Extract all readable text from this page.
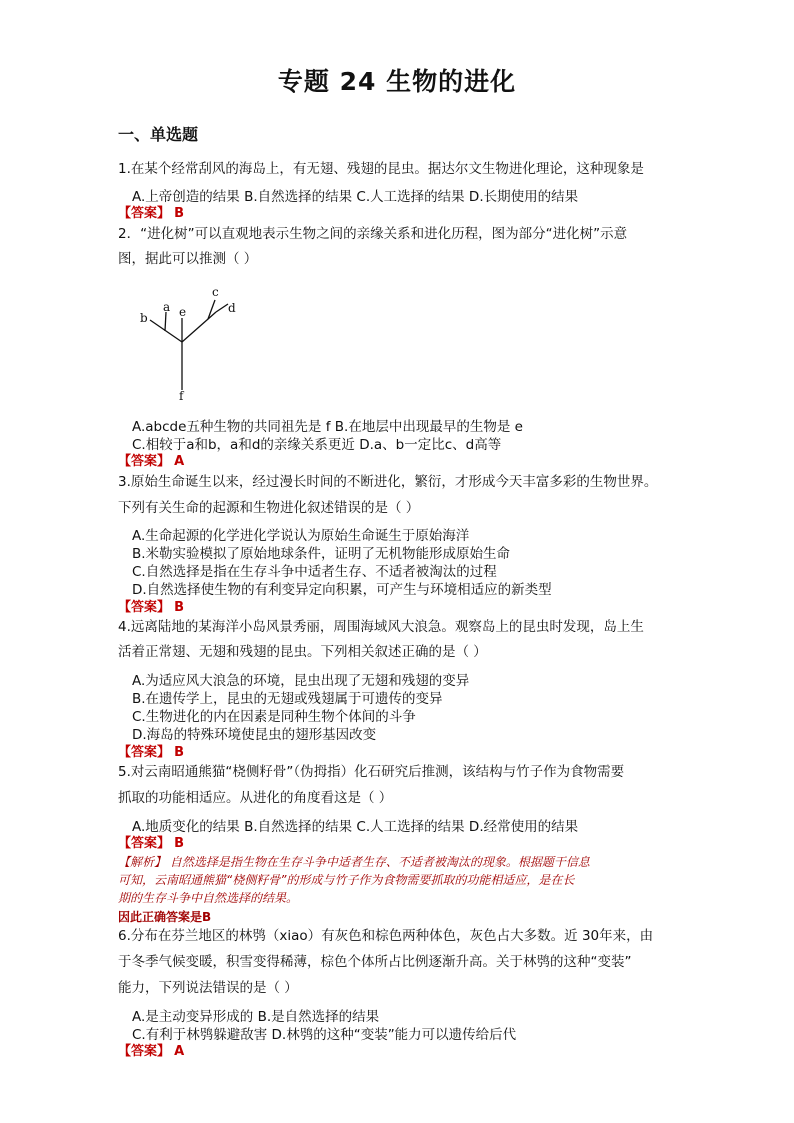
专题 24 生物的进化
一、单选题
1.在某个经常刮风的海岛上，有无翅、残翅的昆虫。据达尔文生物进化理论，这种现象是
A.上帝创造的结果 B.自然选择的结果 C.人工选择的结果 D.长期使用的结果
【答案】 B
2．“进化树”可以直观地表示生物之间的亲缘关系和进化历程，图为部分“进化树”示意
图，据此可以推测（ ）
b
a e
c
d
f
A.abcde五种生物的共同祖先是 f B.在地层中出现最早的生物是 e
C.相较于a和b，a和d的亲缘关系更近 D.a、b一定比c、d高等
【答案】 A
3.原始生命诞生以来，经过漫长时间的不断进化，繁衍，才形成今天丰富多彩的生物世界。
下列有关生命的起源和生物进化叙述错误的是（ ）
A.生命起源的化学进化学说认为原始生命诞生于原始海洋
B.米勒实验模拟了原始地球条件，证明了无机物能形成原始生命
C.自然选择是指在生存斗争中适者生存、不适者被淘汰的过程
D.自然选择使生物的有利变异定向积累，可产生与环境相适应的新类型
【答案】 B
4.远离陆地的某海洋小岛风景秀丽，周围海域风大浪急。观察岛上的昆虫时发现，岛上生
活着正常翅、无翅和残翅的昆虫。下列相关叙述正确的是（ ）
A.为适应风大浪急的环境，昆虫出现了无翅和残翅的变异
B.在遗传学上，昆虫的无翅或残翅属于可遗传的变异
C.生物进化的内在因素是同种生物个体间的斗争
D.海岛的特殊环境使昆虫的翅形基因改变
【答案】 B
5.对云南昭通熊猫“桡侧籽骨”（伪拇指）化石研究后推测，该结构与竹子作为食物需要
抓取的功能相适应。从进化的角度看这是（ ）
A.地质变化的结果 B.自然选择的结果 C.人工选择的结果 D.经常使用的结果
【答案】 B
【解析】 自然选择是指生物在生存斗争中适者生存、不适者被淘汰的现象。根据题干信息
可知，云南昭通熊猫“桡侧籽骨”的形成与竹子作为食物需要抓取的功能相适应，是在长
期的生存斗争中自然选择的结果。
因此正确答案是B
6.分布在芬兰地区的林鸮（xiao）有灰色和棕色两种体色，灰色占大多数。近 30年来，由
于冬季气候变暖，积雪变得稀薄，棕色个体所占比例逐渐升高。关于林鸮的这种“变装”
能力，下列说法错误的是（ ）
A.是主动变异形成的 B.是自然选择的结果
C.有利于林鸮躲避敌害 D.林鸮的这种“变装”能力可以遗传给后代
【答案】 A
